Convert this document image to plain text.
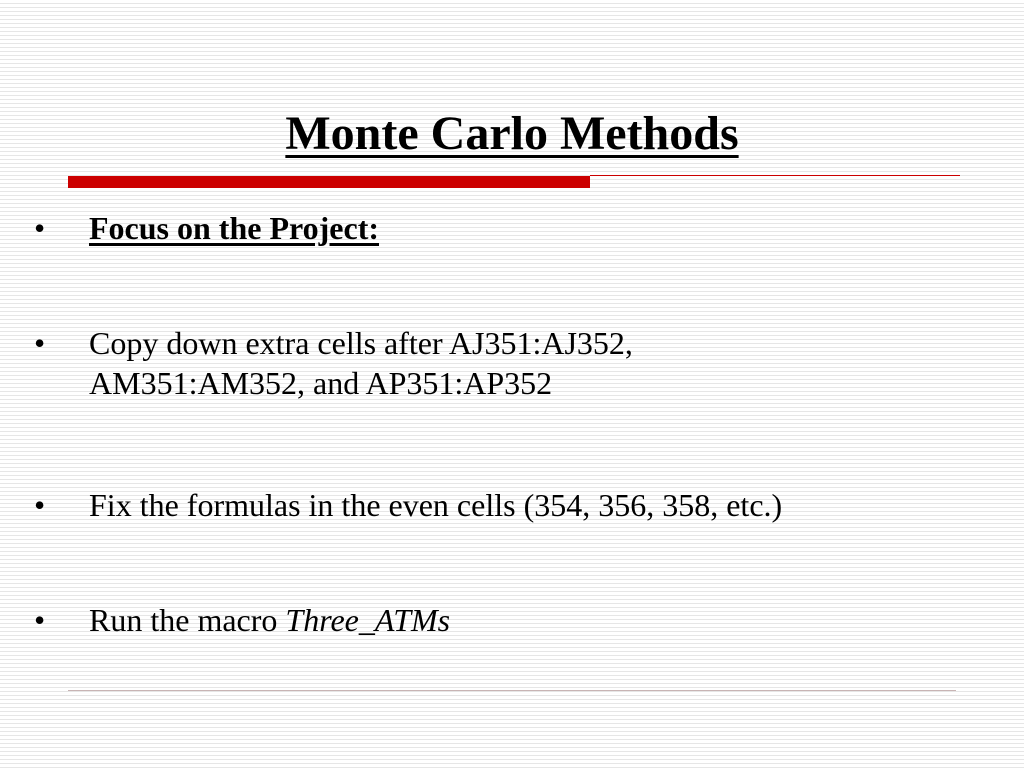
Monte Carlo Methods
• Focus on the Project:
• Copy down extra cells after AJ351:AJ352,
AM351:AM352, and AP351:AP352
• Fix the formulas in the even cells (354, 356, 358, etc.)
• Run the macro Three_ATMs
